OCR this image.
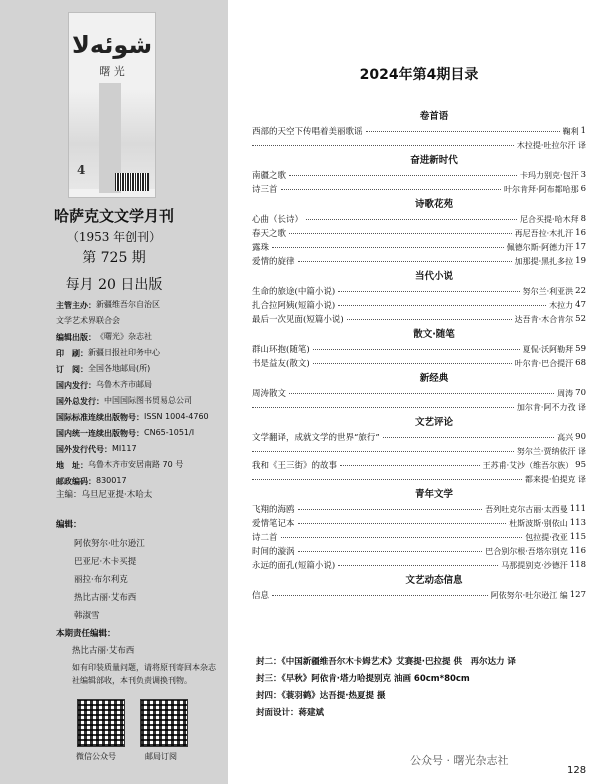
شوئەلا
曙 光
4
哈萨克文文学月刊
（1953 年创刊）
第 725 期
每月 20 日出版
主管主办： 新疆维吾尔自治区
文学艺术界联合会
编辑出版： 《曙光》杂志社
印　刷： 新疆日报社印务中心
订　阅： 全国各地邮局(所)
国内发行： 乌鲁木齐市邮局
国外总发行： 中国国际图书贸易总公司
国际标准连续出版物号： ISSN 1004-4760
国内统一连续出版物号： CN65-1051/I
国外发行代号： MI117
地　址： 乌鲁木齐市安居南路 70 号
邮政编码： 830017
主编：乌旦尼亚提·木哈太
编辑：
阿依努尔·吐尔逊江
巴亚尼·木卡买提
丽拉·布尔利克
热比古丽·艾布西
韩淑雪
本期责任编辑：
热比古丽·艾布西
如有印装质量问题，请将原刊寄回本杂志社编辑部收，本刊负责调换刊物。
微信公众号	邮局订阅
2024年第4期目录
卷首语
西部的天空下传唱着美丽歌谣	鞠利 1
木拉提·吐拉尔汗 译
奋进新时代
南疆之歌	卡玛力别克·包汗 3
诗三首	叶尔肯拜·阿布都哈那 6
诗歌花苑
心曲（长诗）	尼合买提·哈木拜 8
春天之歌	再尼吾拉·木扎汗 16
露珠	佩德尔斯·阿德力汗 17
爱情的旋律	加那提·黑扎多拉 19
当代小说
生命的旅途(中篇小说)	努尔兰·利亚洪 22
扎合拉阿姨(短篇小说)	木拉力 47
最后一次见面(短篇小说)	达吾肯·木合肯尔 52
散文·随笔
群山环抱(随笔)	夏侃·沃阿勒拜 59
书是益友(散文)	叶尔肯·巴合提汗 68
新经典
周涛散文	周涛 70
加尔肯·阿不力孜 译
文艺评论
文学翻译，成就文学的世界“旅行”	高兴 90
努尔兰·贾纳依汗 译
我和《王三街》的故事	王苏甫·艾沙（维吾尔族） 95
都来提·伯提克 译
青年文学
飞翔的海鸥	吾列吐克尔古丽·太西曼 111
爱情笔记本	杜斯波斯·别依山 113
诗二首	包拉提·孜亚 115
时间的漩涡	巴合别尔根·吾塔尔别克 116
永远的面孔(短篇小说)	马那提别克·沙德汗 118
文艺动态信息
信息	阿依努尔·吐尔逊江 编 127
封二：《中国新疆维吾尔木卡姆艺术》艾赛提·巴拉提 供　再尔达力 译
封三：《早秋》阿依肯·塔力哈提别克 油画 60cm*80cm
封四：《蓑羽鹤》达吾提·热夏提 摄
封面设计：蒋建斌
公众号 · 曙光杂志社
128
